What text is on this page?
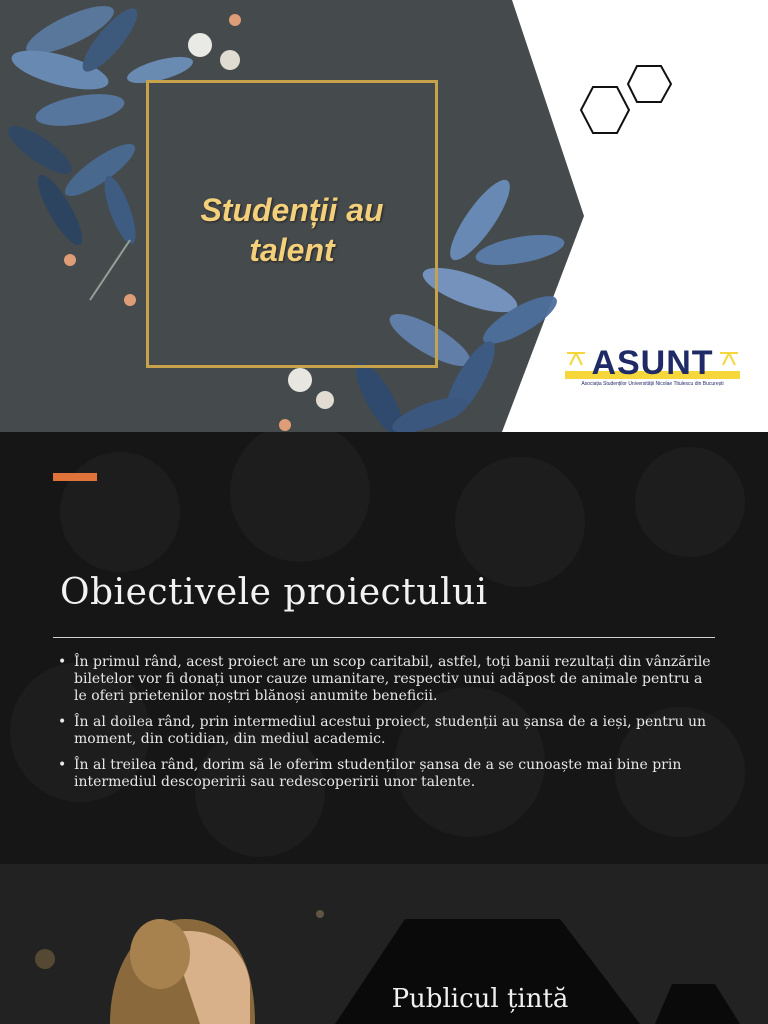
Studenții au
talent
ASUNT
Asociația Studenților Universității Nicolae Titulescu din București
Obiectivele proiectului
• În primul rând, acest proiect are un scop caritabil, astfel, toți banii rezultați din vânzările biletelor vor fi donați unor cauze umanitare, respectiv unui adăpost de animale pentru a le oferi prietenilor noștri blănoși anumite beneficii.
• În al doilea rând, prin intermediul acestui proiect, studenții au șansa de a ieși, pentru un moment, din cotidian, din mediul academic.
• În al treilea rând, dorim să le oferim studenților șansa de a se cunoaște mai bine prin intermediul descoperirii sau redescoperirii unor talente.
Publicul țintă
